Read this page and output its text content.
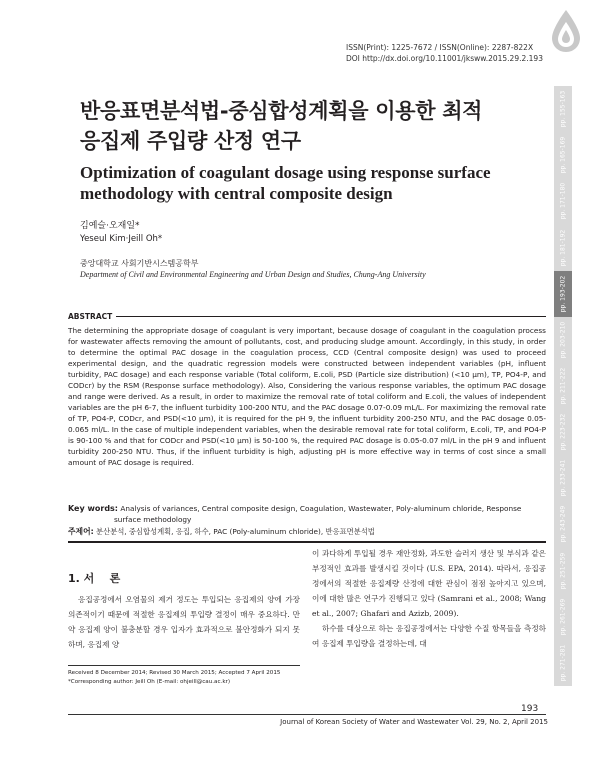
ISSN(Print): 1225-7672 / ISSN(Online): 2287-822X
DOI http://dx.doi.org/10.11001/jksww.2015.29.2.193
반응표면분석법-중심합성계획을 이용한 최적
응집제 주입량 산정 연구
Optimization of coagulant dosage using response surface
methodology with central composite design
김예슬·오재일*
Yeseul Kim·Jeill Oh*
중앙대학교 사회기반시스템공학부
Department of Civil and Environmental Engineering and Urban Design and Studies, Chung-Ang University
ABSTRACT
The determining the appropriate dosage of coagulant is very important, because dosage of coagulant in the coagulation process for wastewater affects removing the amount of pollutants, cost, and producing sludge amount. Accordingly, in this study, in order to determine the optimal PAC dosage in the coagulation process, CCD (Central composite design) was used to proceed experimental design, and the quadratic regression models were constructed between independent variables (pH, influent turbidity, PAC dosage) and each response variable (Total coliform, E.coli, PSD (Particle size distribution) (<10 μm), TP, PO4-P, and CODcr) by the RSM (Response surface methodology). Also, Considering the various response variables, the optimum PAC dosage and range were derived. As a result, in order to maximize the removal rate of total coliform and E.coli, the values of independent variables are the pH 6-7, the influent turbidity 100-200 NTU, and the PAC dosage 0.07-0.09 mL/L. For maximizing the removal rate of TP, PO4-P, CODcr, and PSD(<10 μm), it is required for the pH 9, the influent turbidity 200-250 NTU, and the PAC dosage 0.05-0.065 ml/L. In the case of multiple independent variables, when the desirable removal rate for total coliform, E.coli, TP, and PO4-P is 90-100 % and that for CODcr and PSD(<10 μm) is 50-100 %, the required PAC dosage is 0.05-0.07 ml/L in the pH 9 and influent turbidity 200-250 NTU. Thus, if the influent turbidity is high, adjusting pH is more effective way in terms of cost since a small amount of PAC dosage is required.
Key words: Analysis of variances, Central composite design, Coagulation, Wastewater, Poly-aluminum chloride, Response
surface methodology
주제어: 분산분석, 중심합성계획, 응집, 하수, PAC (Poly-aluminum chloride), 반응표면분석법
1. 서    론
응집공정에서 오염물의 제거 정도는 투입되는 응집제의 양에 가장 의존적이기 때문에 적절한 응집제의 투입량 결정이 매우 중요하다. 만약 응집제 양이 불충분할 경우 입자가 효과적으로 불안정화가 되지 못하며, 응집제 양
이 과다하게 투입될 경우 재안정화, 과도한 슬러지 생산 및 부식과 같은 부정적인 효과를 발생시킬 것이다 (U.S. EPA, 2014). 따라서, 응집공정에서의 적절한 응집제량 산정에 대한 관심이 점점 높아지고 있으며, 이에 대한 많은 연구가 진행되고 있다 (Samrani et al., 2008; Wang et al., 2007; Ghafari and Azizb, 2009).
하수를 대상으로 하는 응집공정에서는 다양한 수질 항목들을 측정하여 응집제 투입량을 결정하는데, 대
Received 8 December 2014; Revised 30 March 2015; Accepted 7 April 2015
*Corresponding author: Jeill Oh (E-mail: ohjeill@cau.ac.kr)
193
Journal of Korean Society of Water and Wastewater Vol. 29, No. 2, April 2015
pp. 155-163
pp. 165-169
pp. 171-180
pp. 181-192
pp. 193-202
pp. 203-210
pp. 211-222
pp. 223-232
pp. 233-241
pp. 243-249
pp. 251-259
pp. 261-269
pp. 271-281
